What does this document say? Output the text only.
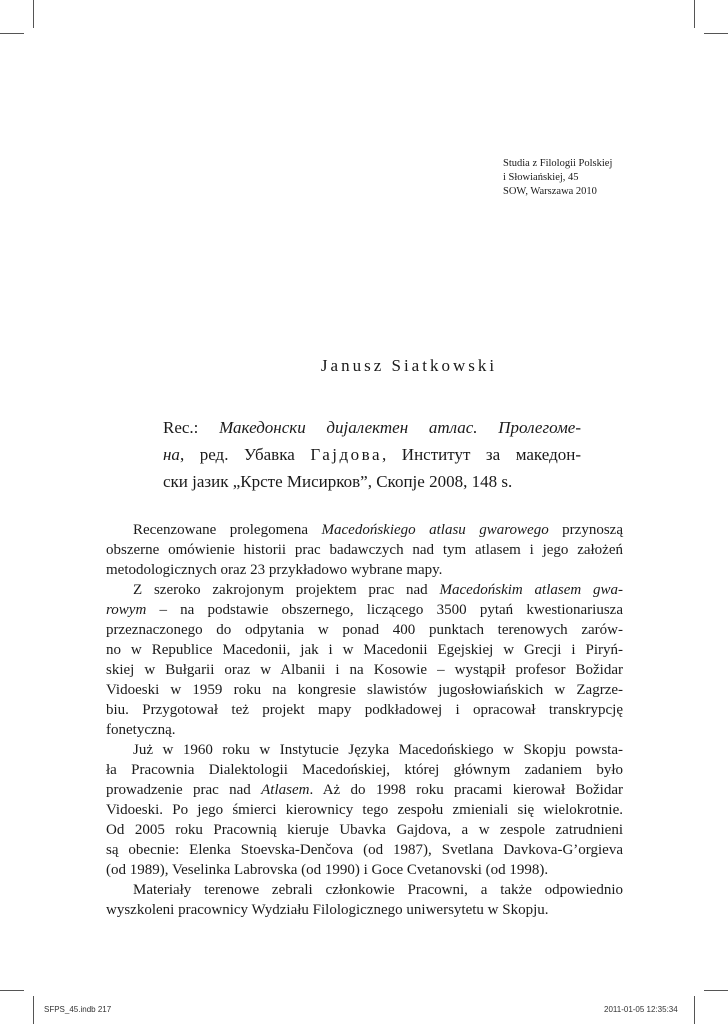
Studia z Filologii Polskiej
i Słowiańskiej, 45
SOW, Warszawa 2010
Janusz Siatkowski
Rec.: Македонски дијалектен атлас. Пролегоме-
на, ред. Убавка Гајдова, Институт за македон-
ски јазик „Крсте Мисирков”, Скопје 2008, 148 s.
Recenzowane prolegomena Macedońskiego atlasu gwarowego przynoszą
obszerne omówienie historii prac badawczych nad tym atlasem i jego założeń
metodologicznych oraz 23 przykładowo wybrane mapy.
Z szeroko zakrojonym projektem prac nad Macedońskim atlasem gwa-
rowym – na podstawie obszernego, liczącego 3500 pytań kwestionariusza
przeznaczonego do odpytania w ponad 400 punktach terenowych zarów-
no w Republice Macedonii, jak i w Macedonii Egejskiej w Grecji i Piryń-
skiej w Bułgarii oraz w Albanii i na Kosowie – wystąpił profesor Božidar
Vidoeski w 1959 roku na kongresie slawistów jugosłowiańskich w Zagrze-
biu. Przygotował też projekt mapy podkładowej i opracował transkrypcję
fonetyczną.
Już w 1960 roku w Instytucie Języka Macedońskiego w Skopju powsta-
ła Pracownia Dialektologii Macedońskiej, której głównym zadaniem było
prowadzenie prac nad Atlasem. Aż do 1998 roku pracami kierował Božidar
Vidoeski. Po jego śmierci kierownicy tego zespołu zmieniali się wielokrotnie.
Od 2005 roku Pracownią kieruje Ubavka Gajdova, a w zespole zatrudnieni
są obecnie: Elenka Stoevska-Denčova (od 1987), Svetlana Davkova-G’orgieva
(od 1989), Veselinka Labrovska (od 1990) i Goce Cvetanovski (od 1998).
Materiały terenowe zebrali członkowie Pracowni, a także odpowiednio
wyszkoleni pracownicy Wydziału Filologicznego uniwersytetu w Skopju.
SFPS_45.indb 217	2011-01-05 12:35:34
